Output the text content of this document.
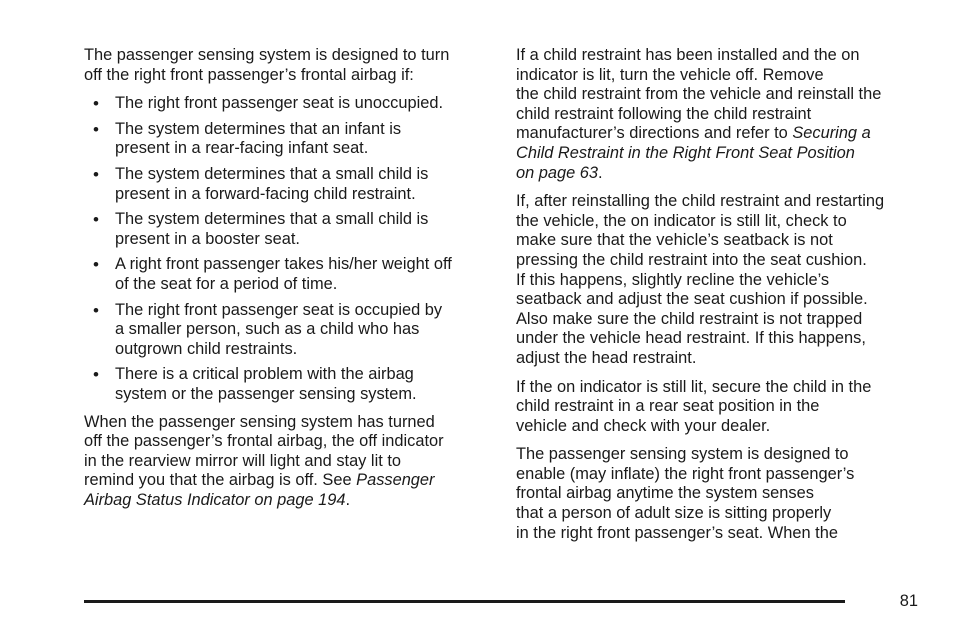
The passenger sensing system is designed to turn
off the right front passenger’s frontal airbag if:

• The right front passenger seat is unoccupied.
• The system determines that an infant is
present in a rear-facing infant seat.
• The system determines that a small child is
present in a forward-facing child restraint.
• The system determines that a small child is
present in a booster seat.
• A right front passenger takes his/her weight off
of the seat for a period of time.
• The right front passenger seat is occupied by
a smaller person, such as a child who has
outgrown child restraints.
• There is a critical problem with the airbag
system or the passenger sensing system.

When the passenger sensing system has turned
off the passenger’s frontal airbag, the off indicator
in the rearview mirror will light and stay lit to
remind you that the airbag is off. See Passenger
Airbag Status Indicator on page 194.

If a child restraint has been installed and the on
indicator is lit, turn the vehicle off. Remove
the child restraint from the vehicle and reinstall the
child restraint following the child restraint
manufacturer’s directions and refer to Securing a
Child Restraint in the Right Front Seat Position
on page 63.

If, after reinstalling the child restraint and restarting
the vehicle, the on indicator is still lit, check to
make sure that the vehicle’s seatback is not
pressing the child restraint into the seat cushion.
If this happens, slightly recline the vehicle’s
seatback and adjust the seat cushion if possible.
Also make sure the child restraint is not trapped
under the vehicle head restraint. If this happens,
adjust the head restraint.

If the on indicator is still lit, secure the child in the
child restraint in a rear seat position in the
vehicle and check with your dealer.

The passenger sensing system is designed to
enable (may inflate) the right front passenger’s
frontal airbag anytime the system senses
that a person of adult size is sitting properly
in the right front passenger’s seat. When the

81
